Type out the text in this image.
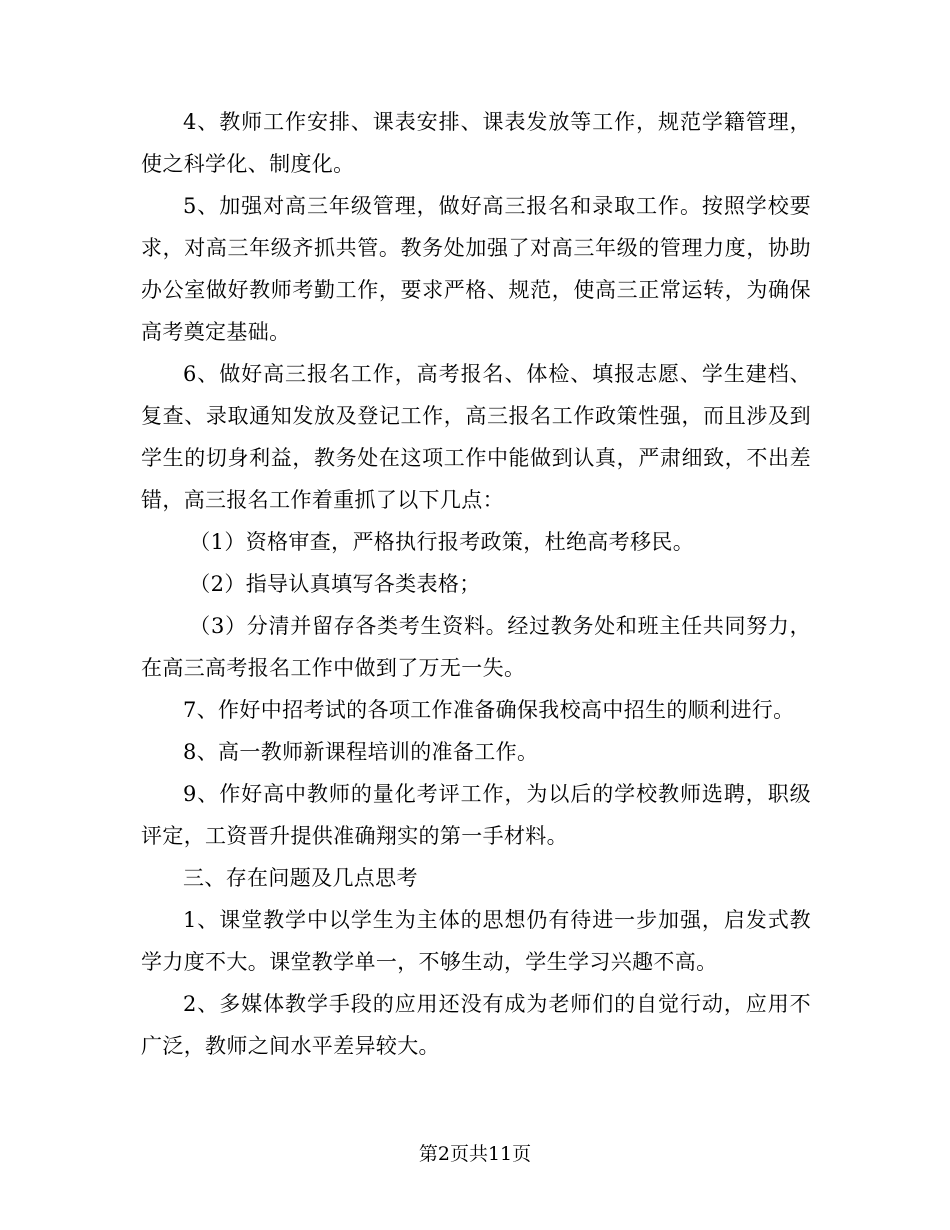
4、教师工作安排、课表安排、课表发放等工作，规范学籍管理，使之科学化、制度化。

5、加强对高三年级管理，做好高三报名和录取工作。按照学校要求，对高三年级齐抓共管。教务处加强了对高三年级的管理力度，协助办公室做好教师考勤工作，要求严格、规范，使高三正常运转，为确保高考奠定基础。

6、做好高三报名工作，高考报名、体检、填报志愿、学生建档、复查、录取通知发放及登记工作，高三报名工作政策性强，而且涉及到学生的切身利益，教务处在这项工作中能做到认真，严肃细致，不出差错，高三报名工作着重抓了以下几点：

（1）资格审查，严格执行报考政策，杜绝高考移民。

（2）指导认真填写各类表格；

（3）分清并留存各类考生资料。经过教务处和班主任共同努力，在高三高考报名工作中做到了万无一失。

7、作好中招考试的各项工作准备确保我校高中招生的顺利进行。

8、高一教师新课程培训的准备工作。

9、作好高中教师的量化考评工作，为以后的学校教师选聘，职级评定，工资晋升提供准确翔实的第一手材料。

三、存在问题及几点思考

1、课堂教学中以学生为主体的思想仍有待进一步加强，启发式教学力度不大。课堂教学单一，不够生动，学生学习兴趣不高。

2、多媒体教学手段的应用还没有成为老师们的自觉行动，应用不广泛，教师之间水平差异较大。

第2页共11页
